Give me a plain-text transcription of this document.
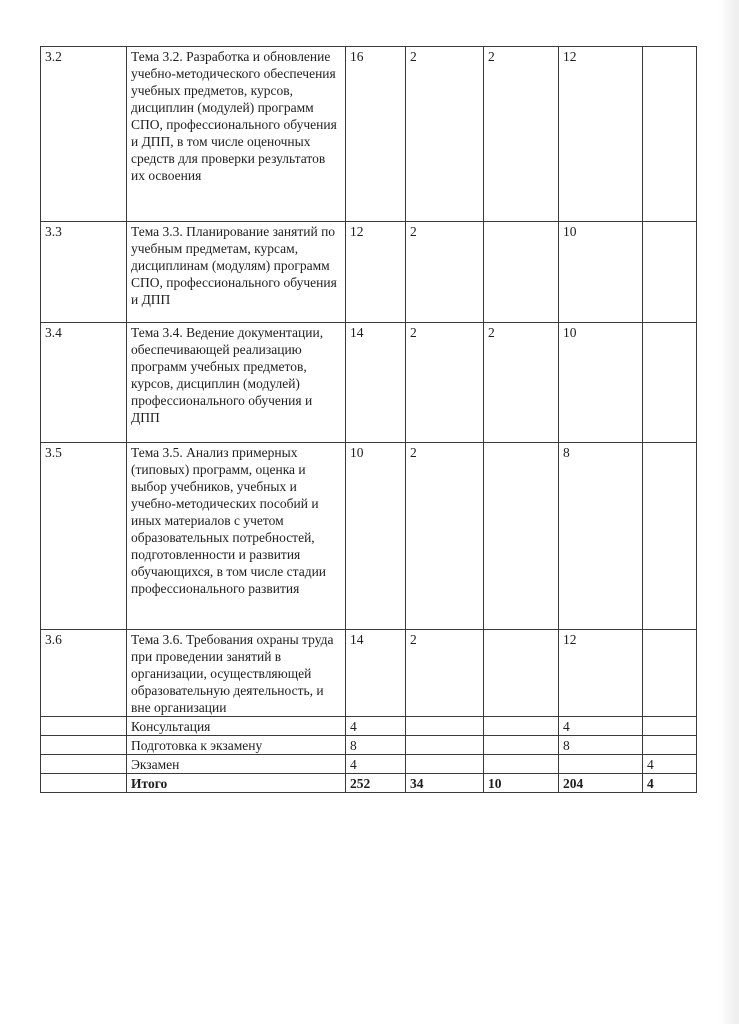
3.2	Тема 3.2. Разработка и обновление учебно-методического обеспечения учебных предметов, курсов, дисциплин (модулей) программ СПО, профессионального обучения и ДПП, в том числе оценочных средств для проверки результатов их освоения	16	2	2	12	
3.3	Тема 3.3. Планирование занятий по учебным предметам, курсам, дисциплинам (модулям) программ СПО, профессионального обучения и ДПП	12	2		10	
3.4	Тема 3.4. Ведение документации, обеспечивающей реализацию программ учебных предметов, курсов, дисциплин (модулей) профессионального обучения и ДПП	14	2	2	10	
3.5	Тема 3.5. Анализ примерных (типовых) программ, оценка и выбор учебников, учебных и учебно-методических пособий и иных материалов с учетом образовательных потребностей, подготовленности и развития обучающихся, в том числе стадии профессионального развития	10	2		8	
3.6	Тема 3.6. Требования охраны труда при проведении занятий в организации, осуществляющей образовательную деятельность, и вне организации	14	2		12	
	Консультация	4			4	
	Подготовка к экзамену	8			8	
	Экзамен	4				4
	Итого	252	34	10	204	4
